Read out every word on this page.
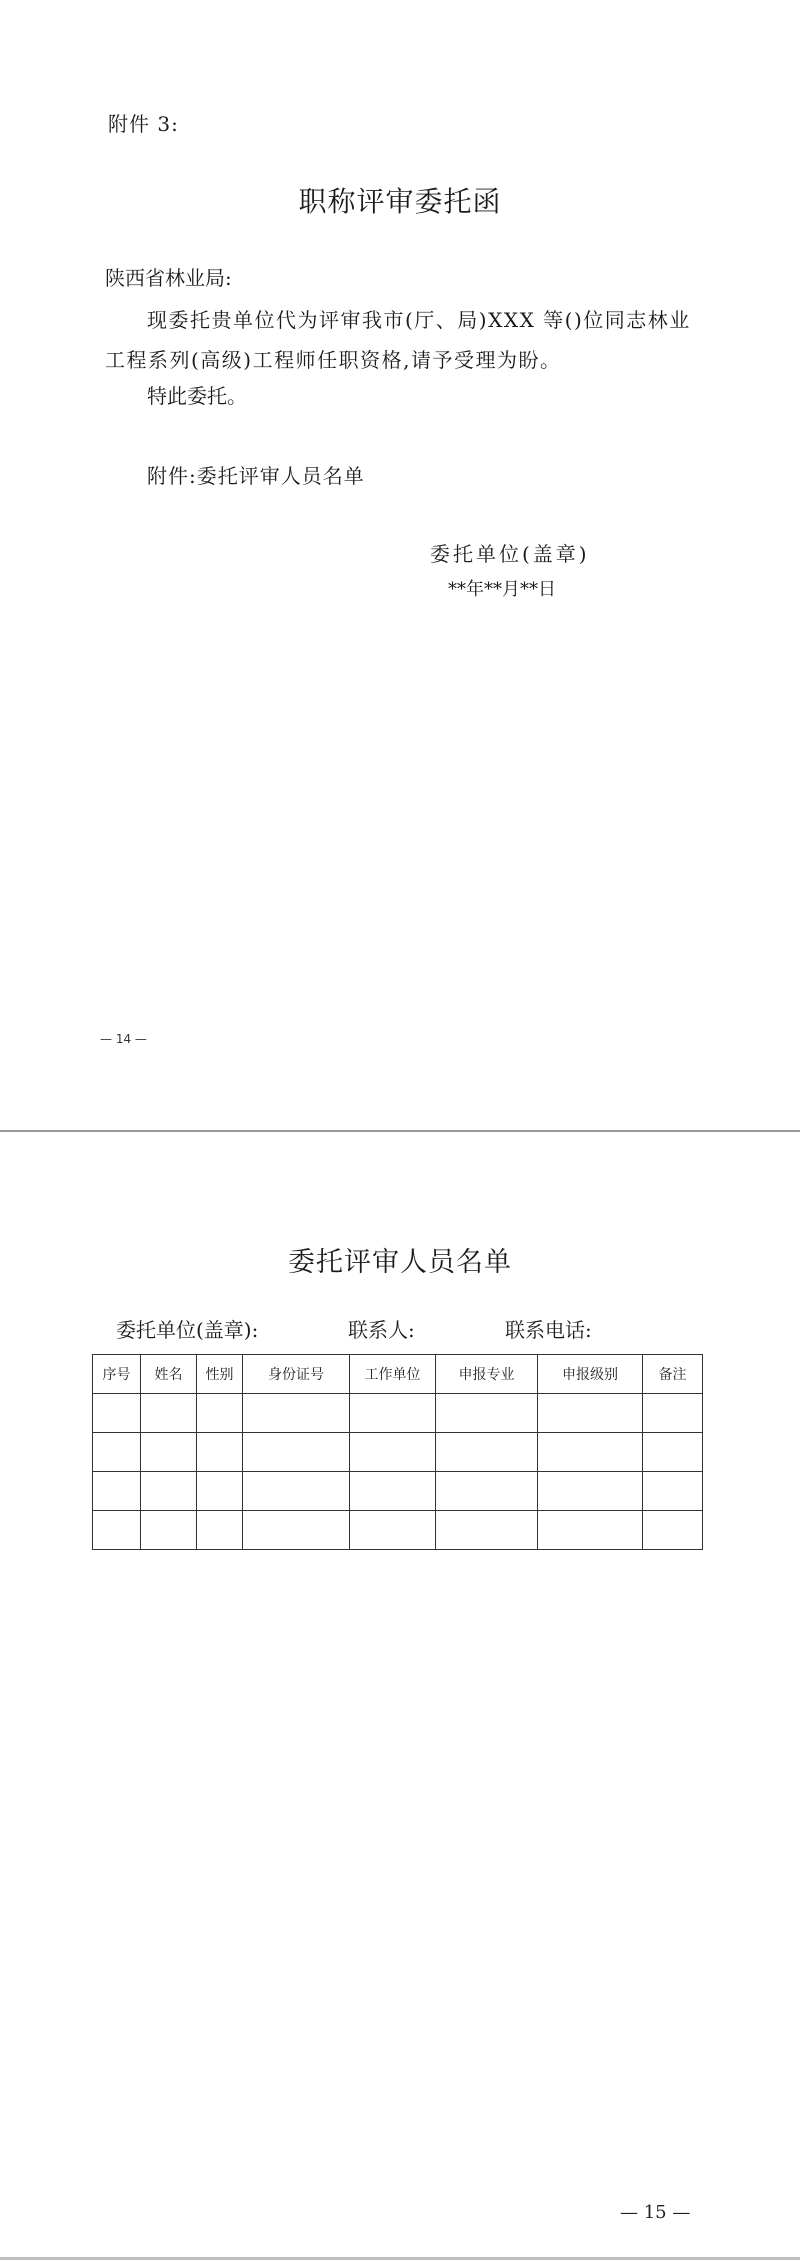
附件 3:
职称评审委托函
陕西省林业局:
现委托贵单位代为评审我市(厅、局)XXX 等()位同志林业工程系列(高级)工程师任职资格,请予受理为盼。
特此委托。
附件:委托评审人员名单
委托单位(盖章)
**年**月**日
— 14 —
委托评审人员名单
委托单位(盖章):	联系人:	联系电话:
序号	姓名	性别	身份证号	工作单位	申报专业	申报级别	备注

— 15 —
